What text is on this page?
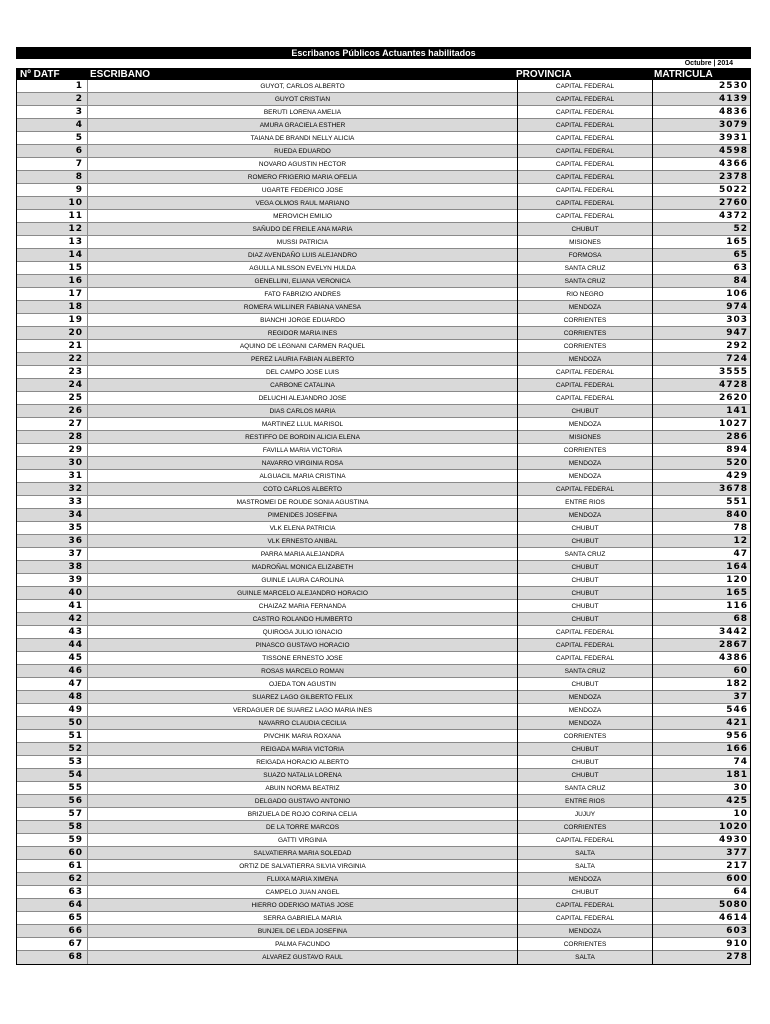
Escribanos Públicos Actuantes habilitados
Octubre | 2014
Nº DATF	ESCRIBANO	PROVINCIA	MATRICULA
1	GUYOT, CARLOS ALBERTO	CAPITAL FEDERAL	2530
2	GUYOT CRISTIAN	CAPITAL FEDERAL	4139
3	BERUTI LORENA AMELIA	CAPITAL FEDERAL	4836
4	AMURA GRACIELA ESTHER	CAPITAL FEDERAL	3079
5	TAIANA DE BRANDI NELLY ALICIA	CAPITAL FEDERAL	3931
6	RUEDA EDUARDO	CAPITAL FEDERAL	4598
7	NOVARO AGUSTIN HECTOR	CAPITAL FEDERAL	4366
8	ROMERO FRIGERIO MARIA OFELIA	CAPITAL FEDERAL	2378
9	UGARTE FEDERICO JOSE	CAPITAL FEDERAL	5022
10	VEGA OLMOS RAUL MARIANO	CAPITAL FEDERAL	2760
11	MEROVICH EMILIO	CAPITAL FEDERAL	4372
12	SAÑUDO DE FREILE ANA MARIA	CHUBUT	52
13	MUSSI PATRICIA	MISIONES	165
14	DIAZ AVENDAÑO LUIS ALEJANDRO	FORMOSA	65
15	AGULLA NILSSON EVELYN HULDA	SANTA CRUZ	63
16	GENELLINI, ELIANA VERONICA	SANTA CRUZ	84
17	FATO FABRIZIO ANDRES	RIO NEGRO	106
18	ROMERA WILLINER FABIANA VANESA	MENDOZA	974
19	BIANCHI JORGE EDUARDO	CORRIENTES	303
20	REGIDOR MARIA INES	CORRIENTES	947
21	AQUINO DE LEGNANI CARMEN RAQUEL	CORRIENTES	292
22	PEREZ LAURIA FABIAN ALBERTO	MENDOZA	724
23	DEL CAMPO JOSE LUIS	CAPITAL FEDERAL	3555
24	CARBONE CATALINA	CAPITAL FEDERAL	4728
25	DELUCHI ALEJANDRO JOSE	CAPITAL FEDERAL	2620
26	DIAS CARLOS MARIA	CHUBUT	141
27	MARTINEZ LLUL MARISOL	MENDOZA	1027
28	RESTIFFO DE BORDIN ALICIA ELENA	MISIONES	286
29	FAVILLA MARIA VICTORIA	CORRIENTES	894
30	NAVARRO VIRGINIA ROSA	MENDOZA	520
31	ALGUACIL MARIA CRISTINA	MENDOZA	429
32	COTO CARLOS ALBERTO	CAPITAL FEDERAL	3678
33	MASTROMEI DE ROUDE SONIA AGUSTINA	ENTRE RIOS	551
34	PIMENIDES JOSEFINA	MENDOZA	840
35	VLK ELENA PATRICIA	CHUBUT	78
36	VLK ERNESTO ANIBAL	CHUBUT	12
37	PARRA MARIA ALEJANDRA	SANTA CRUZ	47
38	MADROÑAL MONICA ELIZABETH	CHUBUT	164
39	GUINLE LAURA CAROLINA	CHUBUT	120
40	GUINLE MARCELO ALEJANDRO HORACIO	CHUBUT	165
41	CHAIZAZ MARIA FERNANDA	CHUBUT	116
42	CASTRO ROLANDO HUMBERTO	CHUBUT	68
43	QUIROGA JULIO IGNACIO	CAPITAL FEDERAL	3442
44	PINASCO GUSTAVO HORACIO	CAPITAL FEDERAL	2867
45	TISSONE ERNESTO JOSE	CAPITAL FEDERAL	4386
46	ROSAS MARCELO ROMAN	SANTA CRUZ	60
47	OJEDA TON AGUSTIN	CHUBUT	182
48	SUAREZ LAGO GILBERTO FELIX	MENDOZA	37
49	VERDAGUER DE SUAREZ LAGO MARIA INES	MENDOZA	546
50	NAVARRO CLAUDIA CECILIA	MENDOZA	421
51	PIVCHIK MARIA ROXANA	CORRIENTES	956
52	REIGADA MARIA VICTORIA	CHUBUT	166
53	REIGADA HORACIO ALBERTO	CHUBUT	74
54	SUAZO NATALIA LORENA	CHUBUT	181
55	ABUIN NORMA BEATRIZ	SANTA CRUZ	30
56	DELGADO GUSTAVO ANTONIO	ENTRE RIOS	425
57	BRIZUELA DE ROJO CORINA CELIA	JUJUY	10
58	DE LA TORRE MARCOS	CORRIENTES	1020
59	GATTI VIRGINIA	CAPITAL FEDERAL	4930
60	SALVATIERRA MARIA SOLEDAD	SALTA	377
61	ORTIZ DE SALVATIERRA SILVIA VIRGINIA	SALTA	217
62	FLUIXA MARIA XIMENA	MENDOZA	600
63	CAMPELO JUAN ANGEL	CHUBUT	64
64	HIERRO ODERIGO MATIAS JOSE	CAPITAL FEDERAL	5080
65	SERRA GABRIELA MARIA	CAPITAL FEDERAL	4614
66	BUNJEIL DE LEDA JOSEFINA	MENDOZA	603
67	PALMA FACUNDO	CORRIENTES	910
68	ALVAREZ GUSTAVO RAUL	SALTA	278
